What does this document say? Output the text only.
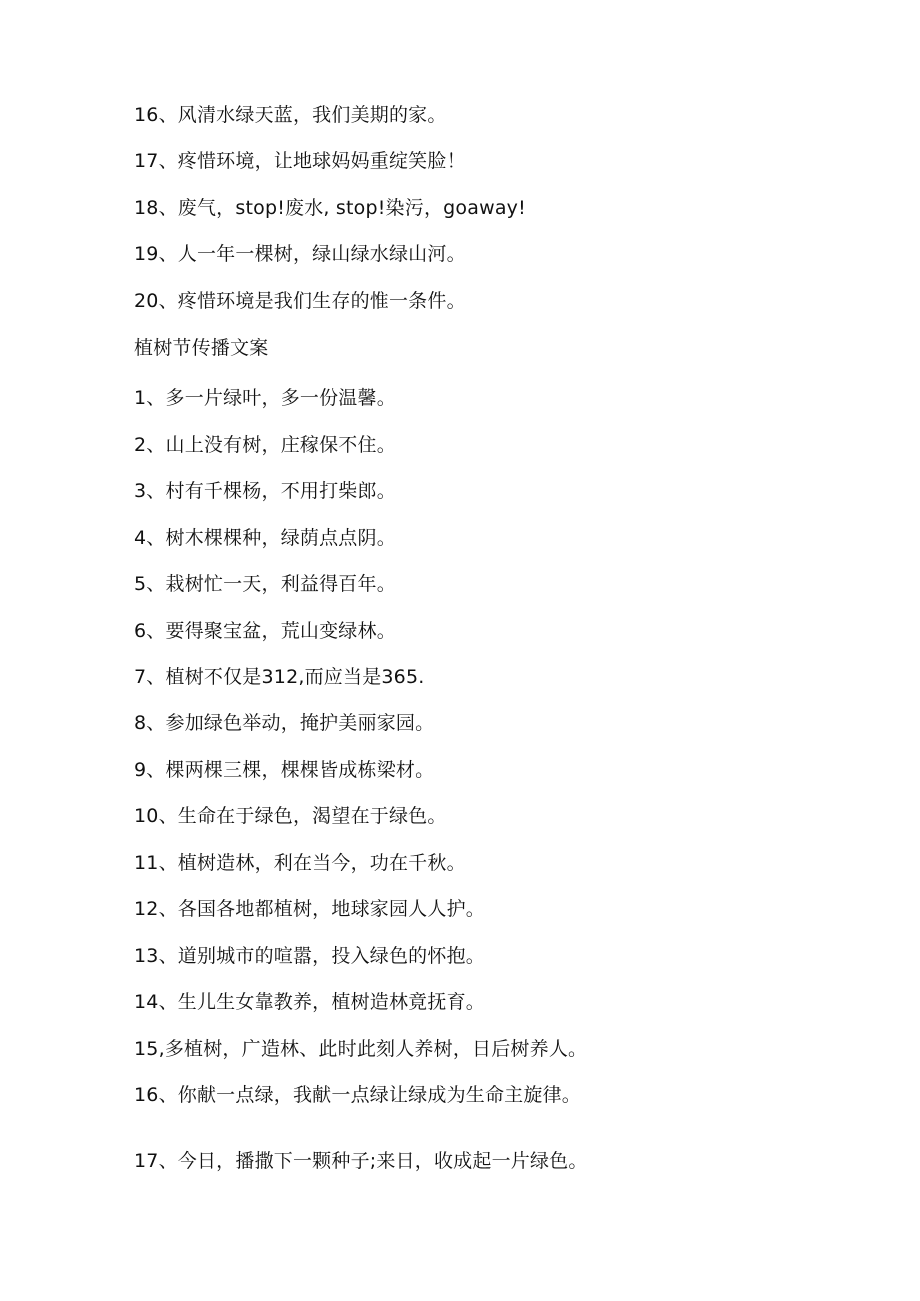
16、风清水绿天蓝，我们美期的家。
17、疼惜环境，让地球妈妈重绽笑脸！
18、废气，stop!废水, stop!染污，goaway!
19、人一年一棵树，绿山绿水绿山河。
20、疼惜环境是我们生存的惟一条件。
植树节传播文案
1、多一片绿叶，多一份温馨。
2、山上没有树，庄稼保不住。
3、村有千棵杨，不用打柴郎。
4、树木棵棵种，绿荫点点阴。
5、栽树忙一天，利益得百年。
6、要得聚宝盆，荒山变绿林。
7、植树不仅是312,而应当是365.
8、参加绿色举动，掩护美丽家园。
9、棵两棵三棵，棵棵皆成栋梁材。
10、生命在于绿色，渴望在于绿色。
11、植树造林，利在当今，功在千秋。
12、各国各地都植树，地球家园人人护。
13、道别城市的喧嚣，投入绿色的怀抱。
14、生儿生女靠教养，植树造林竟抚育。
15,多植树，广造林、此时此刻人养树，日后树养人。
16、你献一点绿，我献一点绿让绿成为生命主旋律。
17、今日，播撒下一颗种子;来日，收成起一片绿色。
